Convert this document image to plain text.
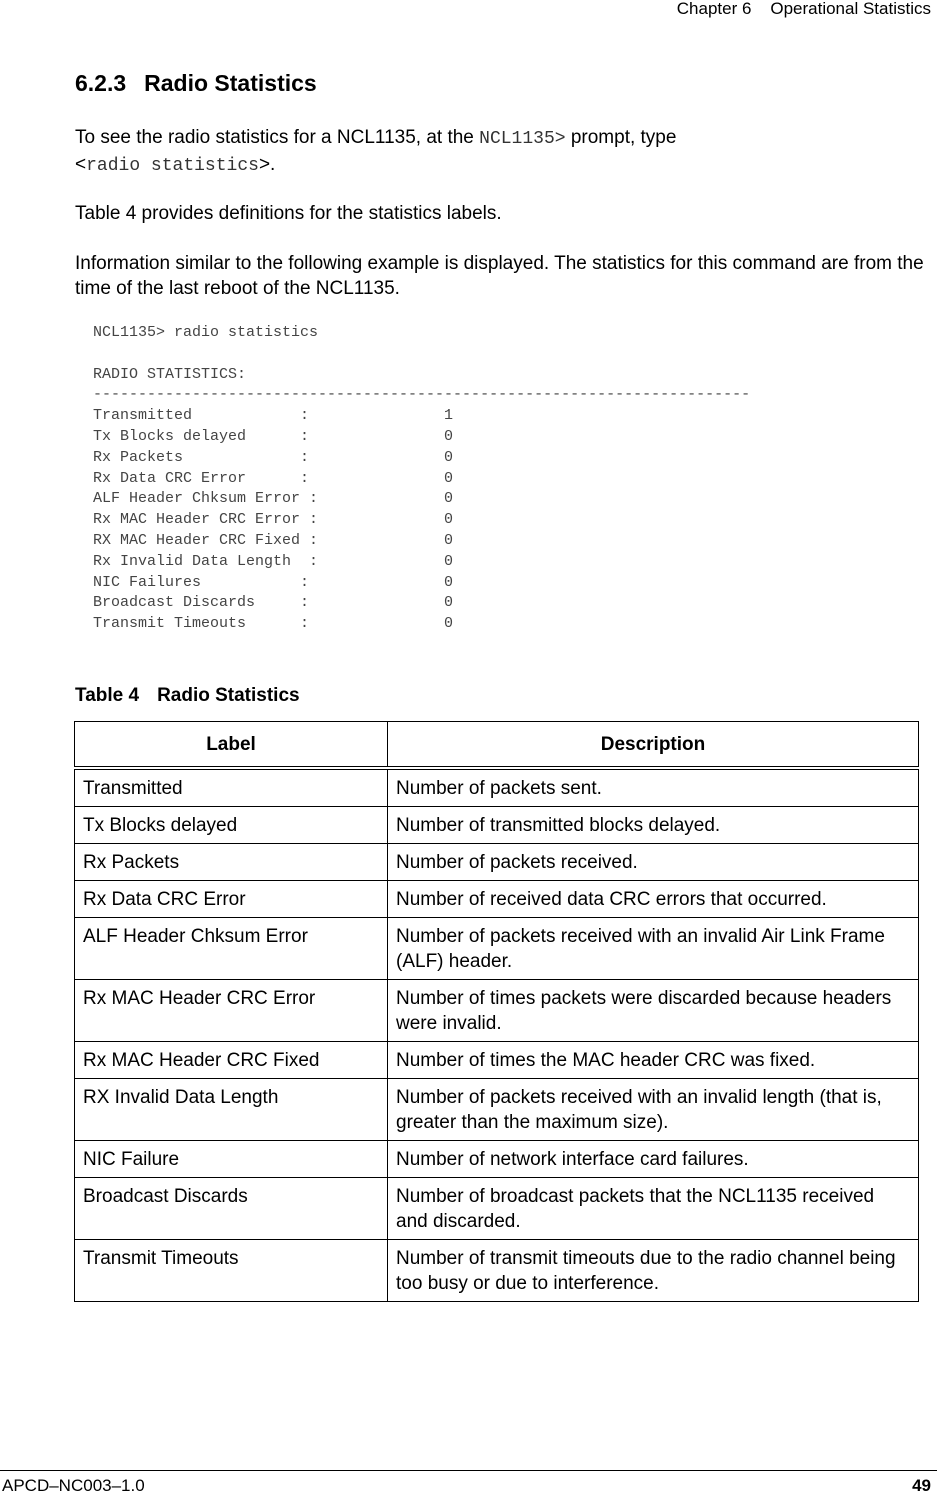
Chapter 6 Operational Statistics
6.2.3 Radio Statistics
To see the radio statistics for a NCL1135, at the NCL1135> prompt, type
<radio statistics>.
Table 4 provides definitions for the statistics labels.
Information similar to the following example is displayed. The statistics for this command are from the time of the last reboot of the NCL1135.
NCL1135> radio statistics

RADIO STATISTICS:
-------------------------------------------------------------------------
Transmitted            :               1
Tx Blocks delayed      :               0
Rx Packets             :               0
Rx Data CRC Error      :               0
ALF Header Chksum Error :              0
Rx MAC Header CRC Error :              0
RX MAC Header CRC Fixed :              0
Rx Invalid Data Length  :              0
NIC Failures           :               0
Broadcast Discards     :               0
Transmit Timeouts      :               0
Table 4 Radio Statistics
Label	Description
Transmitted	Number of packets sent.
Tx Blocks delayed	Number of transmitted blocks delayed.
Rx Packets	Number of packets received.
Rx Data CRC Error	Number of received data CRC errors that occurred.
ALF Header Chksum Error	Number of packets received with an invalid Air Link Frame (ALF) header.
Rx MAC Header CRC Error	Number of times packets were discarded because headers were invalid.
Rx MAC Header CRC Fixed	Number of times the MAC header CRC was fixed.
RX Invalid Data Length	Number of packets received with an invalid length (that is, greater than the maximum size).
NIC Failure	Number of network interface card failures.
Broadcast Discards	Number of broadcast packets that the NCL1135 received and discarded.
Transmit Timeouts	Number of transmit timeouts due to the radio channel being too busy or due to interference.
APCD–NC003–1.0	49
